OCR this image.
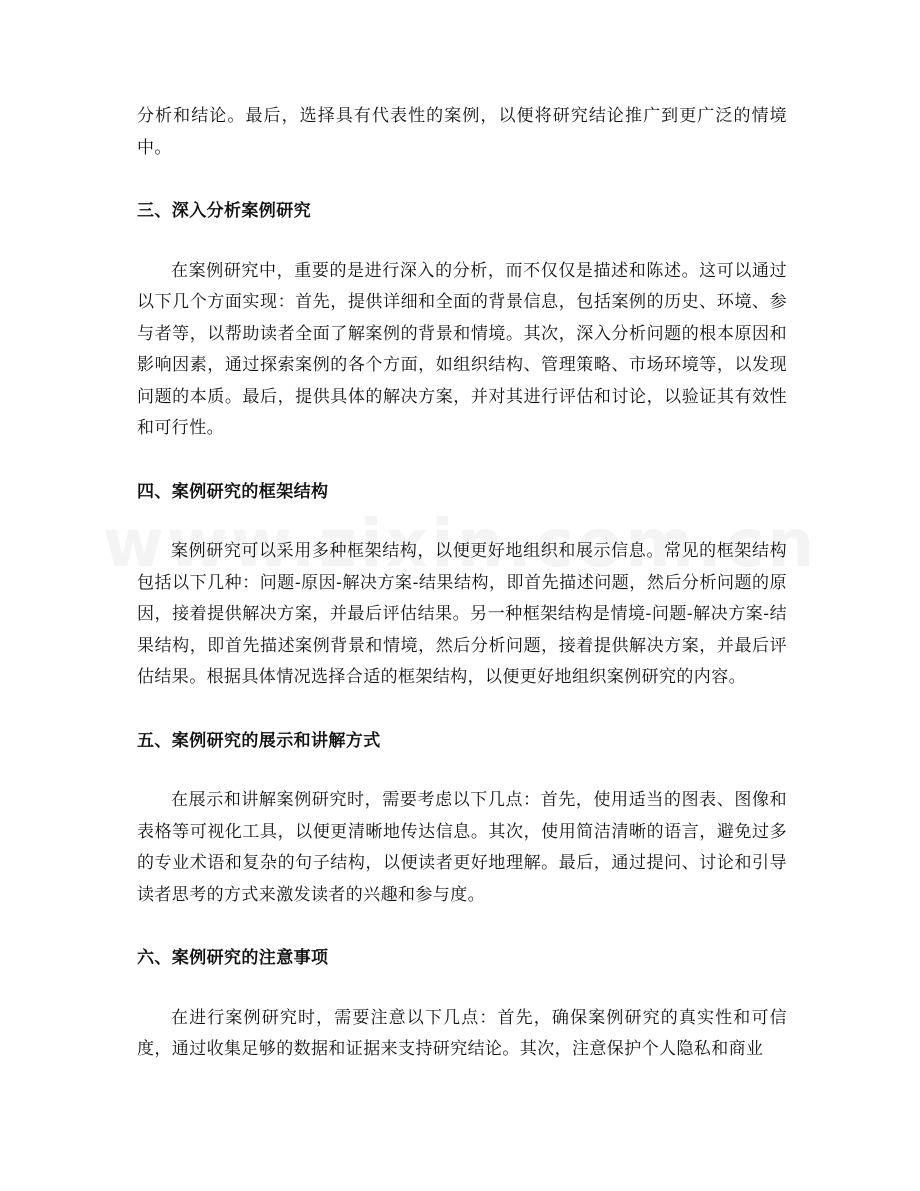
分析和结论。最后，选择具有代表性的案例，以便将研究结论推广到更广泛的情境中。

三、深入分析案例研究

在案例研究中，重要的是进行深入的分析，而不仅仅是描述和陈述。这可以通过以下几个方面实现：首先，提供详细和全面的背景信息，包括案例的历史、环境、参与者等，以帮助读者全面了解案例的背景和情境。其次，深入分析问题的根本原因和影响因素，通过探索案例的各个方面，如组织结构、管理策略、市场环境等，以发现问题的本质。最后，提供具体的解决方案，并对其进行评估和讨论，以验证其有效性和可行性。

四、案例研究的框架结构

案例研究可以采用多种框架结构，以便更好地组织和展示信息。常见的框架结构包括以下几种：问题-原因-解决方案-结果结构，即首先描述问题，然后分析问题的原因，接着提供解决方案，并最后评估结果。另一种框架结构是情境-问题-解决方案-结果结构，即首先描述案例背景和情境，然后分析问题，接着提供解决方案，并最后评估结果。根据具体情况选择合适的框架结构，以便更好地组织案例研究的内容。

五、案例研究的展示和讲解方式

在展示和讲解案例研究时，需要考虑以下几点：首先，使用适当的图表、图像和表格等可视化工具，以便更清晰地传达信息。其次，使用简洁清晰的语言，避免过多的专业术语和复杂的句子结构，以便读者更好地理解。最后，通过提问、讨论和引导读者思考的方式来激发读者的兴趣和参与度。

六、案例研究的注意事项

在进行案例研究时，需要注意以下几点：首先，确保案例研究的真实性和可信度，通过收集足够的数据和证据来支持研究结论。其次，注意保护个人隐私和商业
